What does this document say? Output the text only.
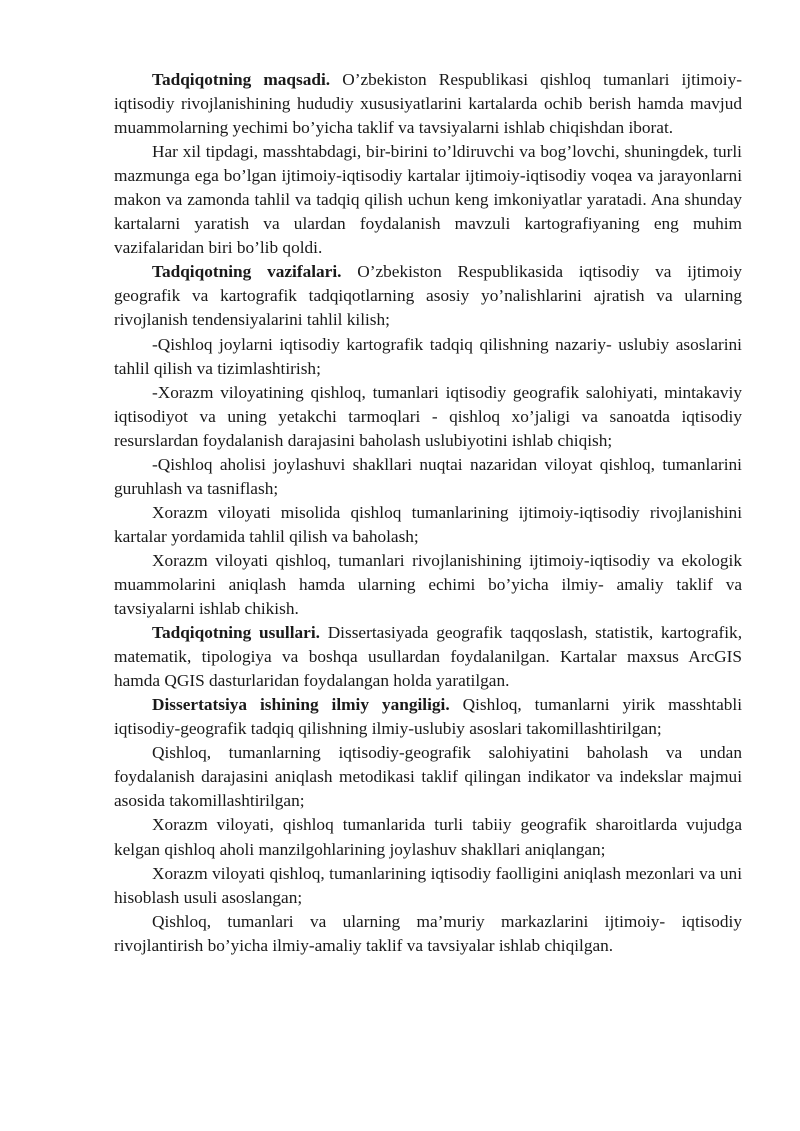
Tadqiqotning maqsadi. O’zbekiston Respublikasi qishloq tumanlari ijtimoiy-iqtisodiy rivojlanishining hududiy xususiyatlarini kartalarda ochib berish hamda mavjud muammolarning yechimi bo’yicha taklif va tavsiyalarni ishlab chiqishdan iborat.

Har xil tipdagi, masshtabdagi, bir-birini to’ldiruvchi va bog’lovchi, shuningdek, turli mazmunga ega bo’lgan ijtimoiy-iqtisodiy kartalar ijtimoiy-iqtisodiy voqea va jarayonlarni makon va zamonda tahlil va tadqiq qilish uchun keng imkoniyatlar yaratadi. Ana shunday kartalarni yaratish va ulardan foydalanish mavzuli kartografiyaning eng muhim vazifalaridan biri bo’lib qoldi.

Tadqiqotning vazifalari. O’zbekiston Respublikasida iqtisodiy va ijtimoiy geografik va kartografik tadqiqotlarning asosiy yo’nalishlarini ajratish va ularning rivojlanish tendensiyalarini tahlil kilish;

-Qishloq joylarni iqtisodiy kartografik tadqiq qilishning nazariy- uslubiy asoslarini tahlil qilish va tizimlashtirish;

-Xorazm viloyatining qishloq, tumanlari iqtisodiy geografik salohiyati, mintakaviy iqtisodiyot va uning yetakchi tarmoqlari - qishloq xo’jaligi va sanoatda iqtisodiy resurslardan foydalanish darajasini baholash uslubiyotini ishlab chiqish;

-Qishloq aholisi joylashuvi shakllari nuqtai nazaridan viloyat qishloq, tumanlarini guruhlash va tasniflash;

Xorazm viloyati misolida qishloq tumanlarining ijtimoiy-iqtisodiy rivojlanishini kartalar yordamida tahlil qilish va baholash;

Xorazm viloyati qishloq, tumanlari rivojlanishining ijtimoiy-iqtisodiy va ekologik muammolarini aniqlash hamda ularning echimi bo’yicha ilmiy- amaliy taklif va tavsiyalarni ishlab chikish.

Tadqiqotning usullari. Dissertasiyada geografik taqqoslash, statistik, kartografik, matematik, tipologiya va boshqa usullardan foydalanilgan. Kartalar maxsus ArcGIS hamda QGIS dasturlaridan foydalangan holda yaratilgan.

Dissertatsiya ishining ilmiy yangiligi. Qishloq, tumanlarni yirik masshtabli iqtisodiy-geografik tadqiq qilishning ilmiy-uslubiy asoslari takomillashtirilgan;

Qishloq, tumanlarning iqtisodiy-geografik salohiyatini baholash va undan foydalanish darajasini aniqlash metodikasi taklif qilingan indikator va indekslar majmui asosida takomillashtirilgan;

Xorazm viloyati, qishloq tumanlarida turli tabiiy geografik sharoitlarda vujudga kelgan qishloq aholi manzilgohlarining joylashuv shakllari aniqlangan;

Xorazm viloyati qishloq, tumanlarining iqtisodiy faolligini aniqlash mezonlari va uni hisoblash usuli asoslangan;

Qishloq, tumanlari va ularning ma’muriy markazlarini ijtimoiy- iqtisodiy rivojlantirish bo’yicha ilmiy-amaliy taklif va tavsiyalar ishlab chiqilgan.
